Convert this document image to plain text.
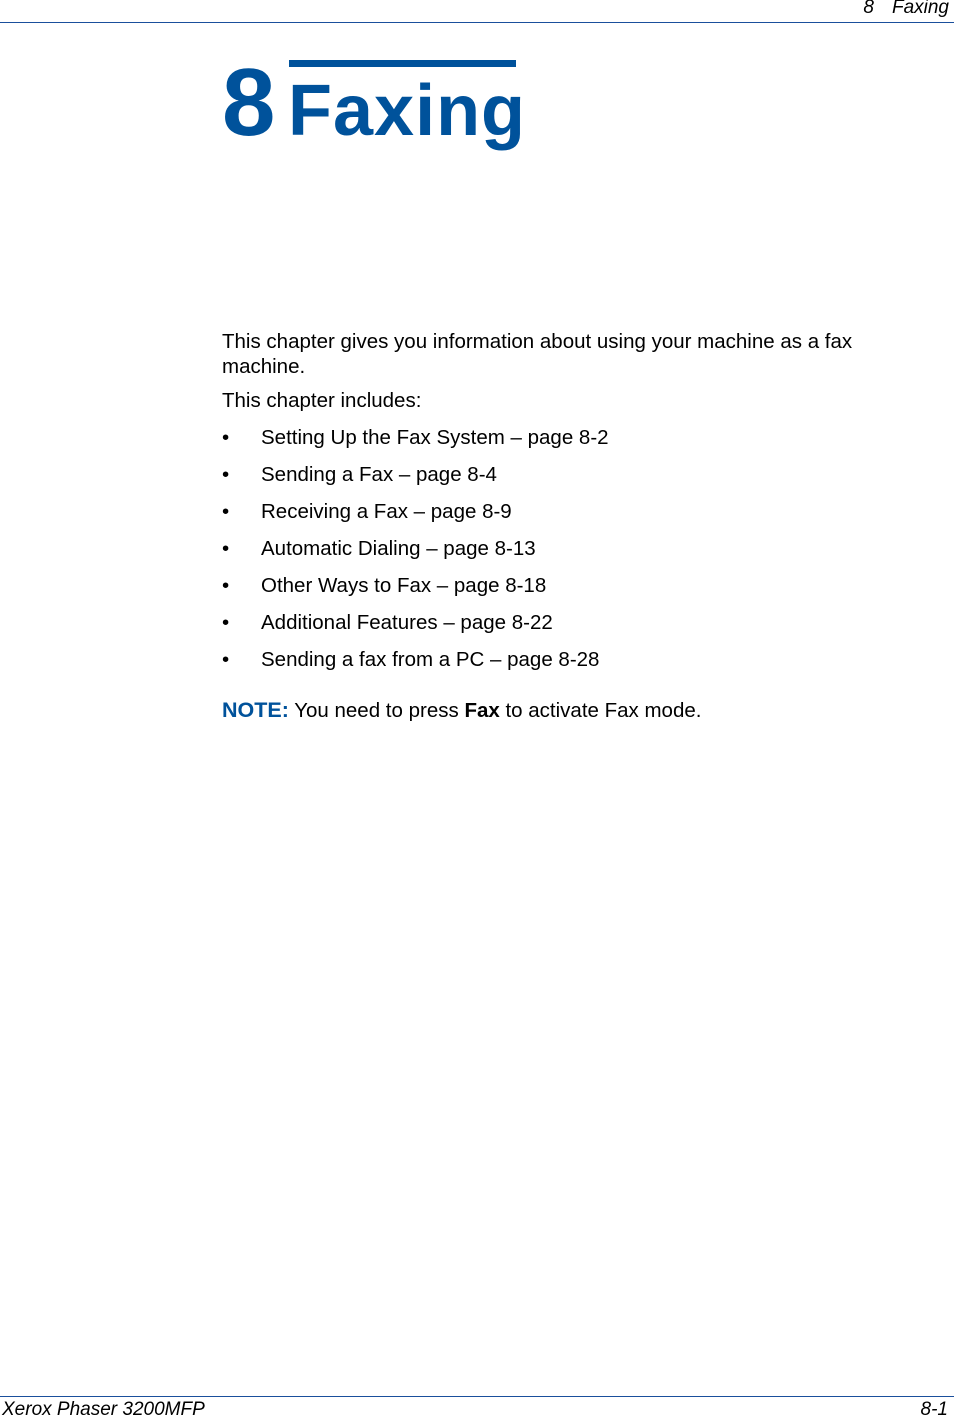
8 Faxing
8 Faxing

This chapter gives you information about using your machine as a fax machine.

This chapter includes:

• Setting Up the Fax System – page 8-2
• Sending a Fax – page 8-4
• Receiving a Fax – page 8-9
• Automatic Dialing – page 8-13
• Other Ways to Fax – page 8-18
• Additional Features – page 8-22
• Sending a fax from a PC – page 8-28

NOTE: You need to press Fax to activate Fax mode.

Xerox Phaser 3200MFP	8-1
